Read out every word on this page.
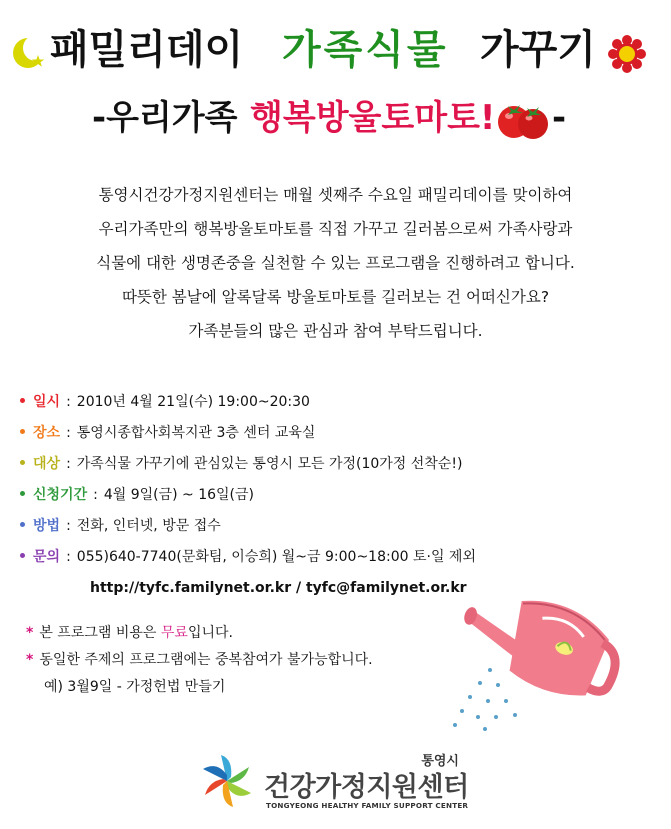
패밀리데이 가족식물 가꾸기
-우리가족 행복방울토마토! -

통영시건강가정지원센터는 매월 셋째주 수요일 패밀리데이를 맞이하여

우리가족만의 행복방울토마토를 직접 가꾸고 길러봄으로써 가족사랑과

식물에 대한 생명존중을 실천할 수 있는 프로그램을 진행하려고 합니다.

따뜻한 봄날에 알록달록 방울토마토를 길러보는 건 어떠신가요?

가족분들의 많은 관심과 참여 부탁드립니다.

일시 : 2010년 4월 21일(수) 19:00~20:30
장소 : 통영시종합사회복지관 3층 센터 교육실
대상 : 가족식물 가꾸기에 관심있는 통영시 모든 가정(10가정 선착순!)
신청기간 : 4월 9일(금) ~ 16일(금)
방법 : 전화, 인터넷, 방문 접수
문의 : 055)640-7740(문화팀, 이승희) 월~금 9:00~18:00 토·일 제외
http://tyfc.familynet.or.kr / tyfc@familynet.or.kr
* 본 프로그램 비용은 무료입니다.
* 동일한 주제의 프로그램에는 중복참여가 불가능합니다.
예) 3월9일 - 가정헌법 만들기
통영시
건강가정지원센터
TONGYEONG HEALTHY FAMILY SUPPORT CENTER
